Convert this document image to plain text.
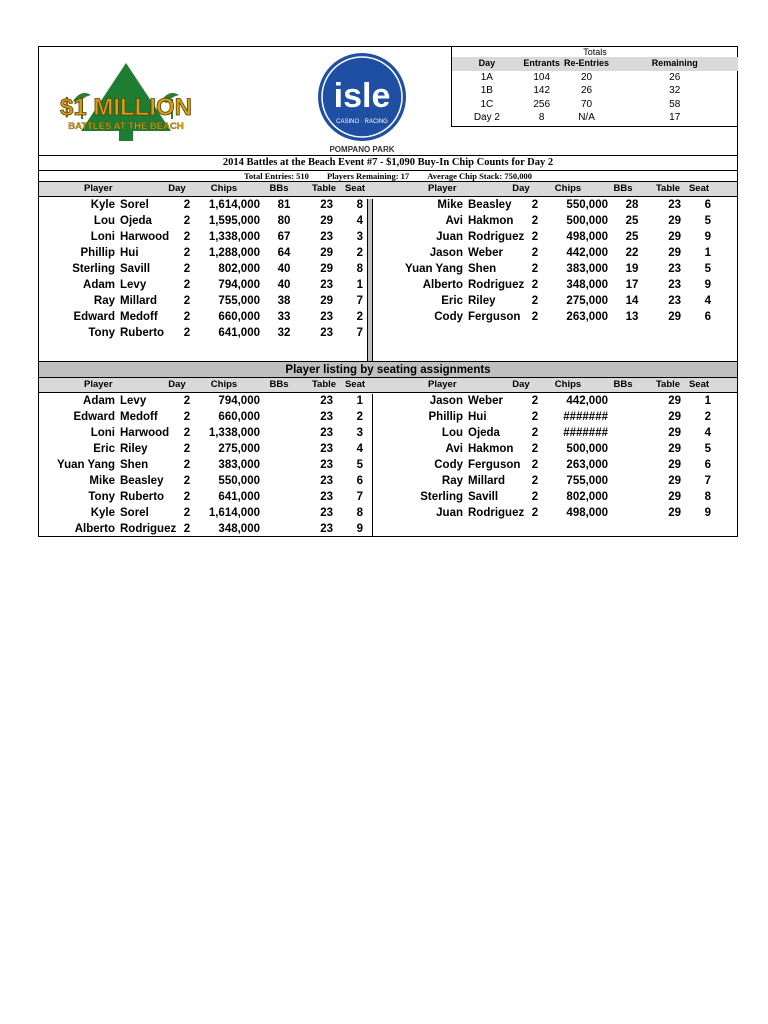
$1 MILLION
BATTLES AT THE BEACH
isle
CASINO · RACING
POMPANO PARK
Totals
Day	Entrants Re-Entries	Remaining
1A	104	20	26
1B	142	26	32
1C	256	70	58
Day 2	8	N/A	17
2014 Battles at the Beach Event #7 - $1,090 Buy-In Chip Counts for Day 2
Total Entries: 510 Players Remaining: 17 Average Chip Stack: 750,000
Player	Day	Chips	BBs	Table Seat	Player	Day	Chips	BBs	Table Seat
Kyle Sorel	2	1,614,000	81	23	8
Lou Ojeda	2	1,595,000	80	29	4
Loni Harwood	2	1,338,000	67	23	3
Phillip Hui	2	1,288,000	64	29	2
Sterling Savill	2	802,000	40	29	8
Adam Levy	2	794,000	40	23	1
Ray Millard	2	755,000	38	29	7
Edward Medoff	2	660,000	33	23	2
Tony Ruberto	2	641,000	32	23	7
Mike Beasley	2	550,000	28	23	6
Avi Hakmon	2	500,000	25	29	5
Juan Rodriguez 2	498,000	25	29	9
Jason Weber	2	442,000	22	29	1
Yuan Yang Shen	2	383,000	19	23	5
Alberto Rodriguez 2	348,000	17	23	9
Eric Riley	2	275,000	14	23	4
Cody Ferguson 2	263,000	13	29	6
Player listing by seating assignments
Player	Day	Chips	BBs	Table Seat	Player	Day	Chips	BBs	Table Seat
Adam Levy	2	794,000	23	1
Edward Medoff	2	660,000	23	2
Loni Harwood	2	1,338,000	23	3
Eric Riley	2	275,000	23	4
Yuan Yang Shen	2	383,000	23	5
Mike Beasley	2	550,000	23	6
Tony Ruberto	2	641,000	23	7
Kyle Sorel	2	1,614,000	23	8
Alberto Rodriguez 2	348,000	23	9
Jason Weber	2	442,000	29	1
Phillip Hui	2	#######	29	2
Lou Ojeda	2	#######	29	4
Avi Hakmon	2	500,000	29	5
Cody Ferguson 2	263,000	29	6
Ray Millard	2	755,000	29	7
Sterling Savill	2	802,000	29	8
Juan Rodriguez 2	498,000	29	9
